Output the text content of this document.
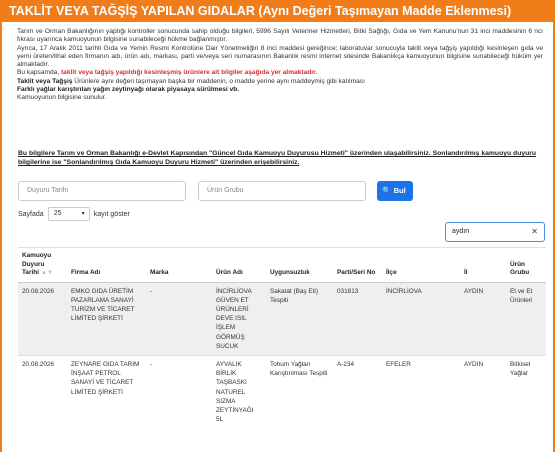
TAKLİT VEYA TAĞŞİŞ YAPILAN GIDALAR (Aynı Değeri Taşımayan Madde Eklenmesi)

Tarım ve Orman Bakanlığının yaptığı kontroller sonucunda sahip olduğu bilgileri, 5996 Sayılı Veteriner Hizmetleri, Bitki Sağlığı, Gıda ve Yem Kanunu'nun 31 inci maddesinin 6 ncı fıkrası uyarınca kamuoyunun bilgisine sunabileceği hükme bağlanmıştır.

Ayrıca, 17 Aralık 2011 tarihli Gıda ve Yemin Resmi Kontrolüne Dair Yönetmeliğin 8 inci maddesi gereğince; laboratuvar sonucuyla taklit veya tağşiş yapıldığı kesinleşen gıda ve yemi üreten/ithal eden firmanın adı, ürün adı, markası, parti ve/veya seri numarasının Bakanlık resmi internet sitesinde Bakanlıkça kamuoyunun bilgisine sunabileceği hüküm yer almaktadır.

Bu kapsamda, taklit veya tağşiş yapıldığı kesinleşmiş ürünlere ait bilgiler aşağıda yer almaktadır.

Taklit veya Tağşiş Ürünlere aynı değeri taşımayan başka bir maddenin, o madde yerine aynı maddeymiş gibi katılması

Farklı yağlar karıştırılan yağın zeytinyağı olarak piyasaya sürülmesi vb.

Kamuoyunun bilgisine sunulur.

Bu bilgilere Tarım ve Orman Bakanlığı e-Devlet Kapısından "Güncel Gıda Kamuoyu Duyurusu Hizmeti" üzerinden ulaşabilirsiniz. Sonlandırılmış kamuoyu duyuru bilgilerine ise "Sonlandırılmış Gıda Kamuoyu Duyuru Hizmeti" üzerinden erişebilirsiniz.
Duyuru Tarihi	Ürün Grubu	🔍 Bul
Sayfada	25	▾ kayıt göster
aydın	✕
Kamuoyu Duyuru Tarihi ▲▼	Firma Adı	Marka	Ürün Adı	Uygunsuzluk	Parti/Seri No	İlçe	İl	Ürün Grubu
20.08.2026	EMKO GIDA ÜRETİM PAZARLAMA SANAYİ TURİZM VE TİCARET LİMİTED ŞİRKETİ	-	İNCİRLİOVA GÜVEN ET ÜRÜNLERİ DEVE ISIL İŞLEM GÖRMÜŞ SUCUK	Sakatat (Baş Eti) Tespiti	031813	İNCİRLİOVA	AYDIN	Et ve Et Ürünleri
20.08.2026	ZEYNARE GIDA TARIM İNŞAAT PETROL SANAYİ VE TİCARET LİMİTED ŞİRKETİ	-	AYVALIK BİRLİK TAŞBASKI NATUREL SIZMA ZEYTİNYAĞI 5L	Tohum Yağları Karıştırılması Tespiti	A-234	EFELER	AYDIN	Bitkisel Yağlar
